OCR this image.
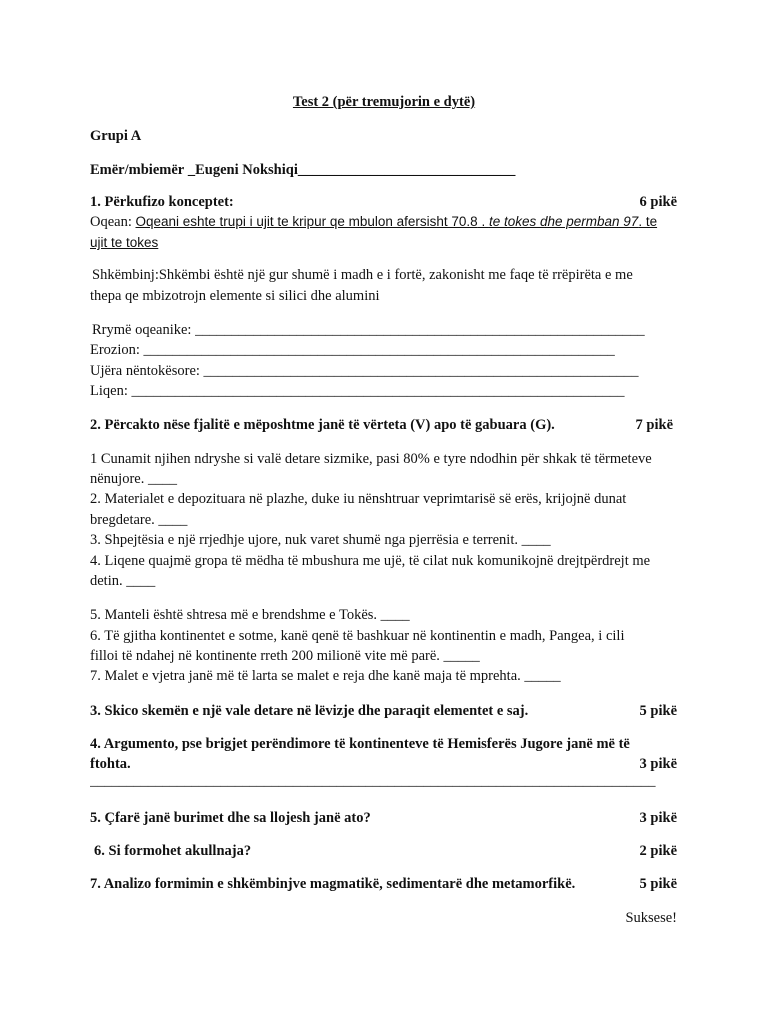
Test 2 (për tremujorin e dytë)
Grupi A
Emër/mbiemër _Eugeni Nokshiqi______________________________
1. Përkufizo konceptet:	6 pikë
Oqean: Oqeani eshte trupi i ujit te kripur qe mbulon afersisht 70.8 . te tokes dhe permban 97. te
ujit te tokes
Shkëmbinj:Shkëmbi është një gur shumë i madh e i fortë, zakonisht me faqe të rrëpirëta e me
thepa qe mbizotrojn elemente si silici dhe alumini
Rrymë oqeanike: ______________________________________________________________
Erozion: _________________________________________________________________
Ujëra nëntokësore: ____________________________________________________________
Liqen: ____________________________________________________________________
2. Përcakto nëse fjalitë e mëposhtme janë të vërteta (V) apo të gabuara (G).	7 pikë
1 Cunamit njihen ndryshe si valë detare sizmike, pasi 80% e tyre ndodhin për shkak të tërmeteve
nënujore. ____
2. Materialet e depozituara në plazhe, duke iu nënshtruar veprimtarisë së erës, krijojnë dunat
bregdetare. ____
3. Shpejtësia e një rrjedhje ujore, nuk varet shumë nga pjerrësia e terrenit. ____
4. Liqene quajmë gropa të mëdha të mbushura me ujë, të cilat nuk komunikojnë drejtpërdrejt me
detin. ____
5. Manteli është shtresa më e brendshme e Tokës. ____
6. Të gjitha kontinentet e sotme, kanë qenë të bashkuar në kontinentin e madh, Pangea, i cili
filloi të ndahej në kontinente rreth 200 milionë vite më parë. _____
7. Malet e vjetra janë më të larta se malet e reja dhe kanë maja të mprehta. _____
3. Skico skemën e një vale detare në lëvizje dhe paraqit elementet e saj.	5 pikë
4. Argumento, pse brigjet perëndimore të kontinenteve të Hemisferës Jugore janë më të
ftohta.	3 pikë
______________________________________________________________________________
5. Çfarë janë burimet dhe sa llojesh janë ato?	3 pikë
6. Si formohet akullnaja?	2 pikë
7. Analizo formimin e shkëmbinjve magmatikë, sedimentarë dhe metamorfikë.	5 pikë
Suksese!
